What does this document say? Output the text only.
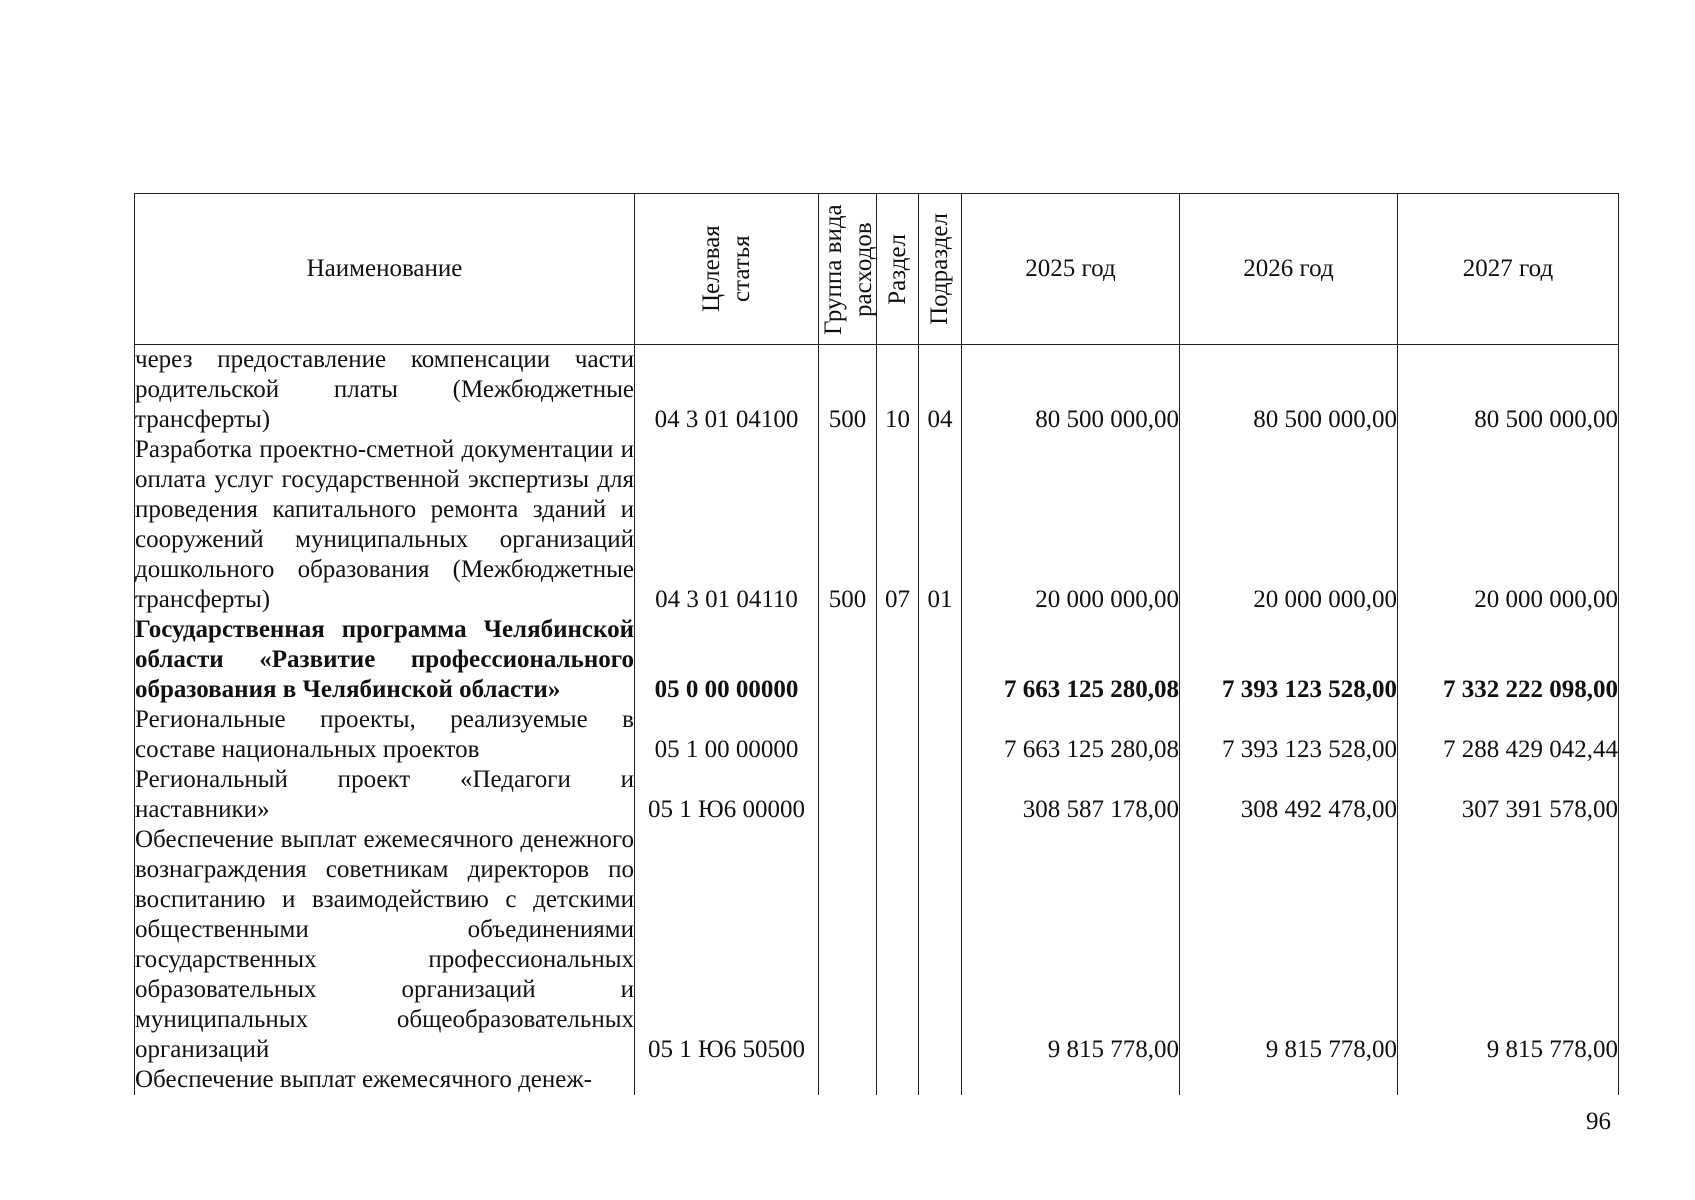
Наименование	Целевая статья	Группа вида расходов	Раздел	Подраздел	2025 год	2026 год	2027 год
через предоставление компенсации части родительской платы (Межбюджетные трансферты)	04 3 01 04100	500	10	04	80 500 000,00	80 500 000,00	80 500 000,00
Разработка проектно-сметной документации и оплата услуг государственной экспертизы для проведения капитального ремонта зданий и сооружений муниципальных организаций дошкольного образования (Межбюджетные трансферты)	04 3 01 04110	500	07	01	20 000 000,00	20 000 000,00	20 000 000,00
Государственная программа Челябинской области «Развитие профессионального образования в Челябинской области»	05 0 00 00000				7 663 125 280,08	7 393 123 528,00	7 332 222 098,00
Региональные проекты, реализуемые в составе национальных проектов	05 1 00 00000				7 663 125 280,08	7 393 123 528,00	7 288 429 042,44
Региональный проект «Педагоги и наставники»	05 1 Ю6 00000				308 587 178,00	308 492 478,00	307 391 578,00
Обеспечение выплат ежемесячного денежного вознаграждения советникам директоров по воспитанию и взаимодействию с детскими общественными объединениями государственных профессиональных образовательных организаций и муниципальных общеобразовательных организаций	05 1 Ю6 50500				9 815 778,00	9 815 778,00	9 815 778,00
Обеспечение выплат ежемесячного денеж-							
96
